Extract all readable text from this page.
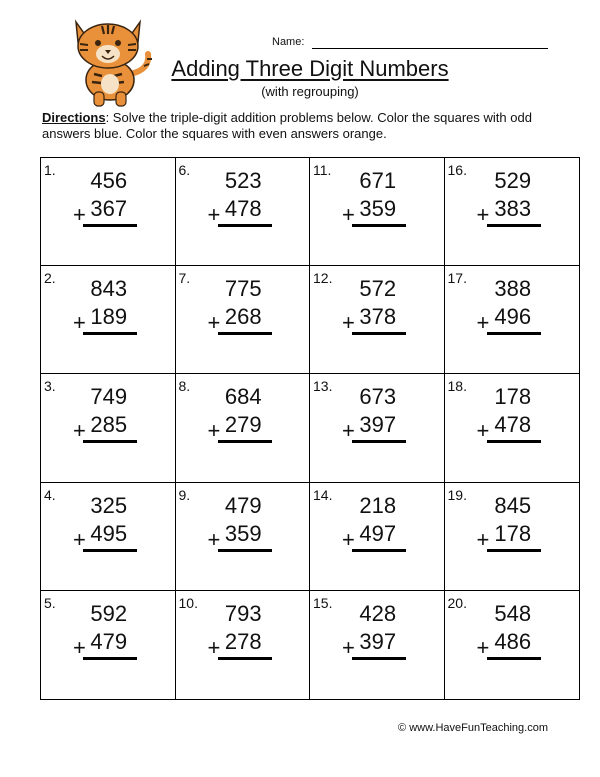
Name:
Adding Three Digit Numbers
(with regrouping)
Directions: Solve the triple-digit addition problems below. Color the squares with odd answers blue. Color the squares with even answers orange.
1.	456
+ 367
6.	523
+ 478
11.	671
+ 359
16.	529
+ 383
2.	843
+ 189
7.	775
+ 268
12.	572
+ 378
17.	388
+ 496
3.	749
+ 285
8.	684
+ 279
13.	673
+ 397
18.	178
+ 478
4.	325
+ 495
9.	479
+ 359
14.	218
+ 497
19.	845
+ 178
5.	592
+ 479
10.	793
+ 278
15.	428
+ 397
20.	548
+ 486
© www.HaveFunTeaching.com
